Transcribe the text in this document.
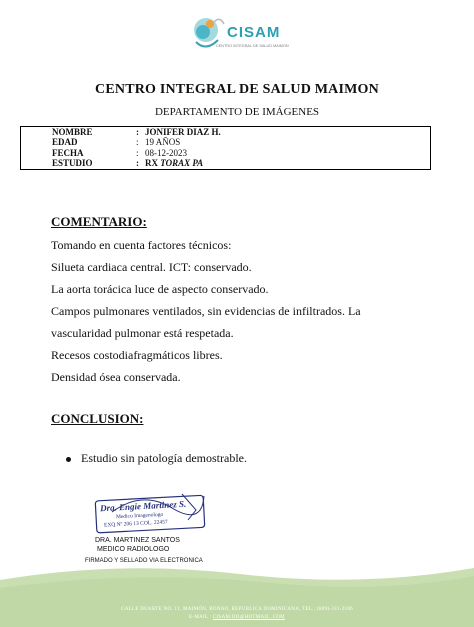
CISAM
CENTRO INTEGRAL DE SALUD MAIMON
CENTRO INTEGRAL DE SALUD MAIMON
DEPARTAMENTO DE IMÁGENES
NOMBRE	: JONIFER DIAZ H.
EDAD	: 19 AÑOS
FECHA	: 08-12-2023
ESTUDIO	: RX TORAX PA
COMENTARIO:
Tomando en cuenta factores técnicos:
Silueta cardiaca central. ICT: conservado.
La aorta torácica luce de aspecto conservado.
Campos pulmonares ventilados, sin evidencias de infiltrados. La
vascularidad pulmonar está respetada.
Recesos costodiafragmáticos libres.
Densidad ósea conservada.
CONCLUSION:
Estudio sin patología demostrable.
Dra. Engie Martinez S.
Medico Imagenologo
EXQ Nº 206 13 COL. 22457
DRA. MARTINEZ SANTOS
MEDICO RADIOLOGO
FIRMADO Y SELLADO VIA ELECTRONICA
CALLE DUARTE NO. 11, MAIMÓN, BONAO, REPUBLICA DOMINICANA, TEL.: (809)-331-2186
E-MAIL : CISAM.DO@HOTMAIL .COM
